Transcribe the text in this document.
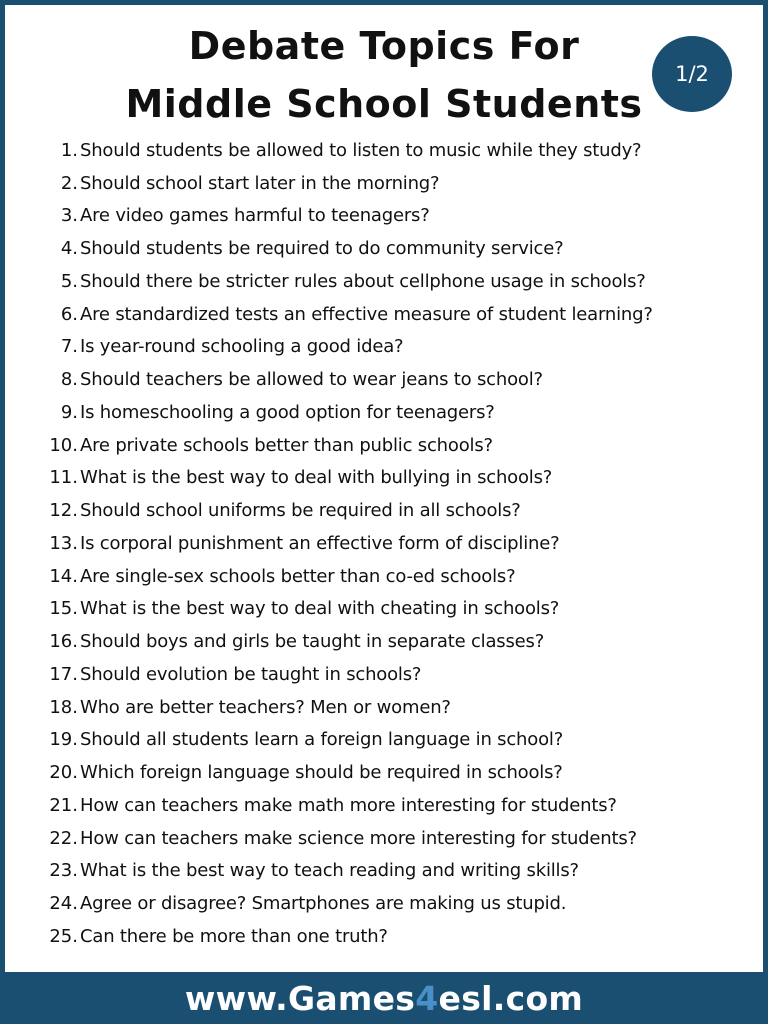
Debate Topics For
Middle School Students
1/2
1. Should students be allowed to listen to music while they study?
2. Should school start later in the morning?
3. Are video games harmful to teenagers?
4. Should students be required to do community service?
5. Should there be stricter rules about cellphone usage in schools?
6. Are standardized tests an effective measure of student learning?
7. Is year-round schooling a good idea?
8. Should teachers be allowed to wear jeans to school?
9. Is homeschooling a good option for teenagers?
10. Are private schools better than public schools?
11. What is the best way to deal with bullying in schools?
12. Should school uniforms be required in all schools?
13. Is corporal punishment an effective form of discipline?
14. Are single-sex schools better than co-ed schools?
15. What is the best way to deal with cheating in schools?
16. Should boys and girls be taught in separate classes?
17. Should evolution be taught in schools?
18. Who are better teachers? Men or women?
19. Should all students learn a foreign language in school?
20. Which foreign language should be required in schools?
21. How can teachers make math more interesting for students?
22. How can teachers make science more interesting for students?
23. What is the best way to teach reading and writing skills?
24. Agree or disagree? Smartphones are making us stupid.
25. Can there be more than one truth?
www.Games4esl.com
